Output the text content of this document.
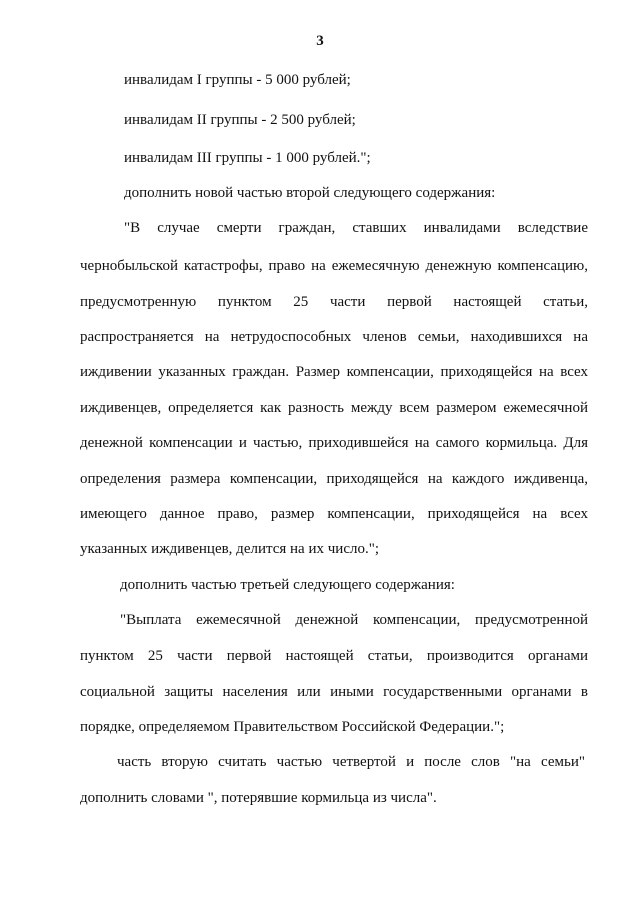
3
инвалидам I группы - 5 000 рублей;
инвалидам II группы - 2 500 рублей;
инвалидам III группы - 1 000 рублей.";
дополнить новой частью второй следующего содержания:
"В случае смерти граждан, ставших инвалидами вследствие
чернобыльской катастрофы, право на ежемесячную денежную компенсацию,
предусмотренную пунктом 25 части первой настоящей статьи,
распространяется на нетрудоспособных членов семьи, находившихся на
иждивении указанных граждан. Размер компенсации, приходящейся на всех
иждивенцев, определяется как разность между всем размером ежемесячной
денежной компенсации и частью, приходившейся на самого кормильца. Для
определения размера компенсации, приходящейся на каждого иждивенца,
имеющего данное право, размер компенсации, приходящейся на всех
указанных иждивенцев, делится на их число.";
дополнить частью третьей следующего содержания:
"Выплата ежемесячной денежной компенсации, предусмотренной
пунктом 25 части первой настоящей статьи, производится органами
социальной защиты населения или иными государственными органами в
порядке, определяемом Правительством Российской Федерации.";
часть вторую считать частью четвертой и после слов "на семьи"
дополнить словами ", потерявшие кормильца из числа".
